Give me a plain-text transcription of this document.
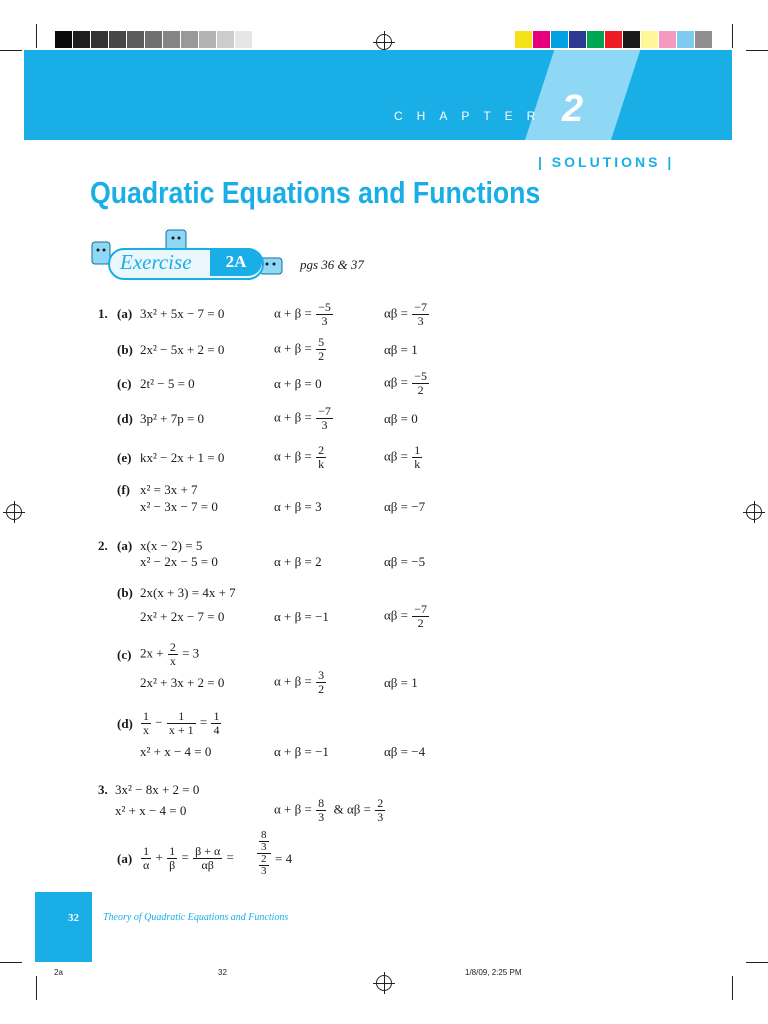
CHAPTER 2
| SOLUTIONS |
Quadratic Equations and Functions
Exercise	2A	pgs 36 & 37
1. (a) 3x² + 5x − 7 = 0	$\alpha + \beta = \frac{-5}{3}$	$\alpha\beta = \frac{-7}{3}$
(b) 2x² − 5x + 2 = 0	$\alpha + \beta = \frac{5}{2}$	αβ = 1
(c) 2t² − 5 = 0	α + β = 0	$\alpha\beta = \frac{-5}{2}$
(d) 3p² + 7p = 0	$\alpha + \beta = \frac{-7}{3}$	αβ = 0
(e) kx² − 2x + 1 = 0	$\alpha + \beta = \frac{2}{k}$	$\alpha\beta = \frac{1}{k}$
(f) x² = 3x + 7
x² − 3x − 7 = 0	α + β = 3	αβ = −7
2. (a) x(x − 2) = 5
x² − 2x − 5 = 0	α + β = 2	αβ = −5
(b) 2x(x + 3) = 4x + 7
2x² + 2x − 7 = 0	α + β = −1	$\alpha\beta = \frac{-7}{2}$
(c) $2x + \frac{2}{x} = 3$
2x² + 3x + 2 = 0	$\alpha + \beta = \frac{3}{2}$	αβ = 1
$(d) \frac{1}{x} - \frac{1}{x + 1} = \frac{1}{4}$
x² + x − 4 = 0	α + β = −1	αβ = −4
3. 3x² − 8x + 2 = 0
x² + x − 4 = 0	$\alpha + \beta = \frac{8}{3}$ & $\alpha\beta = \frac{2}{3}$
$(a) \frac{1}{\alpha} + \frac{1}{\beta} = \frac{\beta + \alpha}{\alpha\beta} = \frac{\frac{8}{3}}{\frac{2}{3}} = 4$
32 Theory of Quadratic Equations and Functions
2a	32	1/8/09, 2:25 PM
